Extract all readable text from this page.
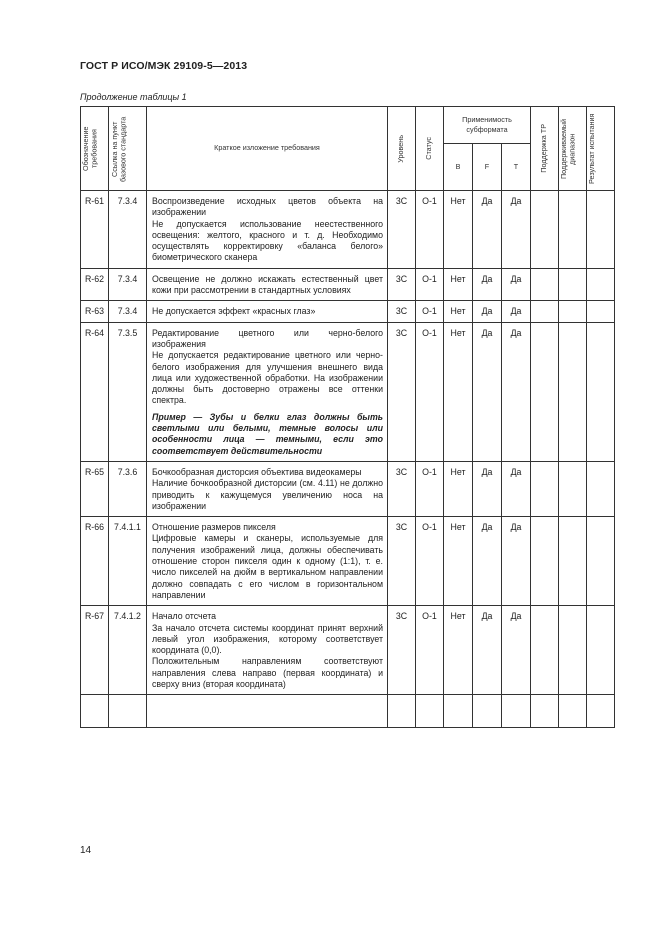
ГОСТ Р ИСО/МЭК 29109-5—2013
Продолжение таблицы 1
Обозначение требования	Ссылка на пункт базового стандарта	Краткое изложение требования	Уровень	Статус	Применимость субформата			Поддержка ТР	Поддерживаемый диапазон	Результат испытания

					B	F	T			
R-61	7.3.4	Воспроизведение исходных цветов объекта на изображении
Не допускается использование неестественного освещения: желтого, красного и т. д. Необходимо осуществлять корректировку «баланса белого» биометрического сканера	3С	О-1	Нет	Да	Да			
R-62	7.3.4	Освещение не должно искажать естественный цвет кожи при рассмотрении в стандартных условиях	3С	О-1	Нет	Да	Да			
R-63	7.3.4	Не допускается эффект «красных глаз»	3С	О-1	Нет	Да	Да			
R-64	7.3.5	Редактирование цветного или черно-белого изображения
Не допускается редактирование цветного или черно-белого изображения для улучшения внешнего вида лица или художественной обработки. На изображении должны быть достоверно отражены все оттенки спектра.
Пример — Зубы и белки глаз должны быть светлыми или белыми, темные волосы или особенности лица — темными, если это соответствует действительности	3С	О-1	Нет	Да	Да			
R-65	7.3.6	Бочкообразная дисторсия объектива видеокамеры
Наличие бочкообразной дисторсии (см. 4.11) не должно приводить к кажущемуся увеличению носа на изображении	3С	О-1	Нет	Да	Да			
R-66	7.4.1.1	Отношение размеров пикселя
Цифровые камеры и сканеры, используемые для получения изображений лица, должны обеспечивать отношение сторон пикселя один к одному (1:1), т. е. число пикселей на дюйм в вертикальном направлении должно совпадать с его числом в горизонтальном направлении	3С	О-1	Нет	Да	Да			
R-67	7.4.1.2	Начало отсчета
За начало отсчета системы координат принят верхний левый угол изображения, которому соответствует координата (0,0).
Положительным направлениям соответствуют направления слева направо (первая координата) и сверху вниз (вторая координата)	3С	О-1	Нет	Да	Да			

14
